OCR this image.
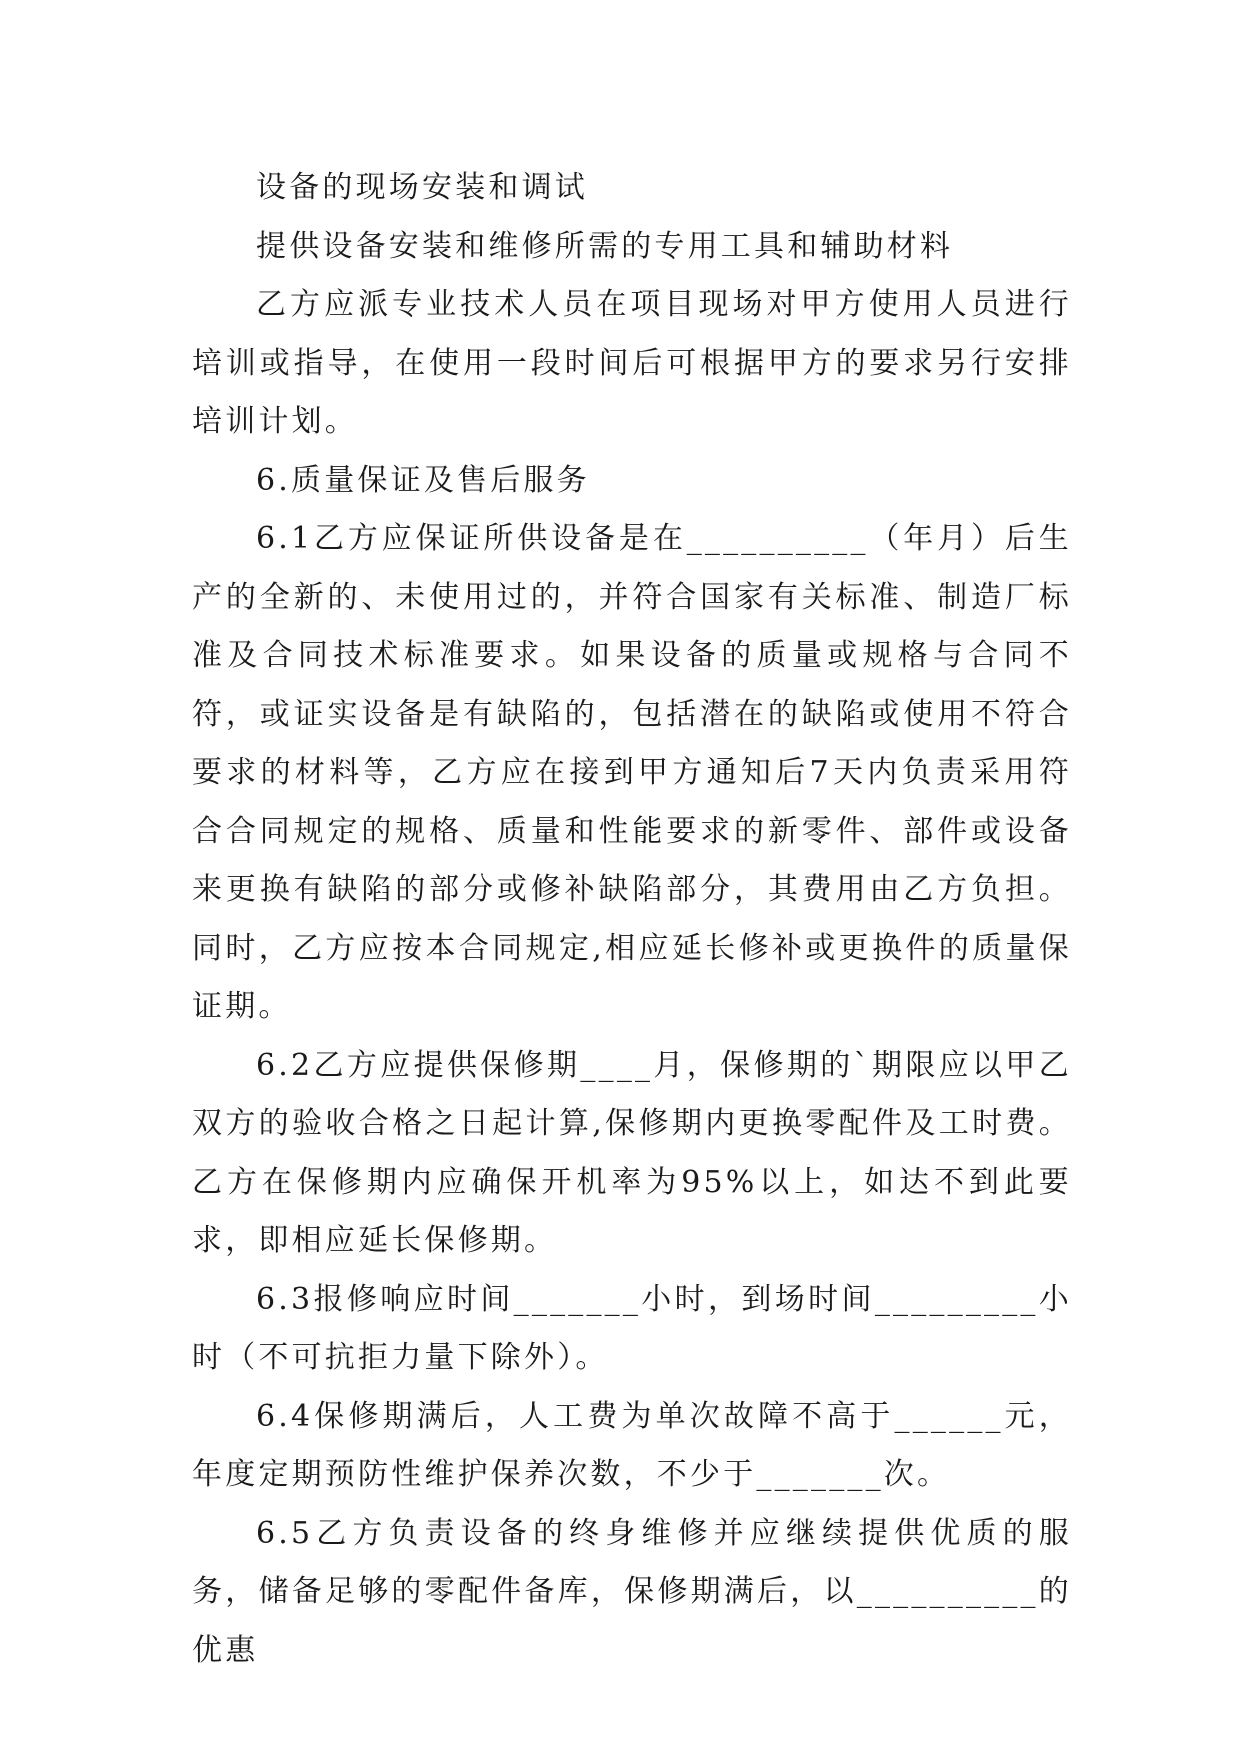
设备的现场安装和调试

提供设备安装和维修所需的专用工具和辅助材料

乙方应派专业技术人员在项目现场对甲方使用人员进行培训或指导，在使用一段时间后可根据甲方的要求另行安排培训计划。

6.质量保证及售后服务

6.1乙方应保证所供设备是在__________（年月）后生产的全新的、未使用过的，并符合国家有关标准、制造厂标准及合同技术标准要求。如果设备的质量或规格与合同不符，或证实设备是有缺陷的，包括潜在的缺陷或使用不符合要求的材料等，乙方应在接到甲方通知后7天内负责采用符合合同规定的规格、质量和性能要求的新零件、部件或设备来更换有缺陷的部分或修补缺陷部分，其费用由乙方负担。同时，乙方应按本合同规定,相应延长修补或更换件的质量保证期。

6.2乙方应提供保修期____月，保修期的`期限应以甲乙双方的验收合格之日起计算,保修期内更换零配件及工时费。乙方在保修期内应确保开机率为95%以上，如达不到此要求，即相应延长保修期。

6.3报修响应时间_______小时，到场时间_________小时（不可抗拒力量下除外）。

6.4保修期满后，人工费为单次故障不高于______元，年度定期预防性维护保养次数，不少于_______次。

6.5乙方负责设备的终身维修并应继续提供优质的服务，储备足够的零配件备库，保修期满后，以__________的优惠
